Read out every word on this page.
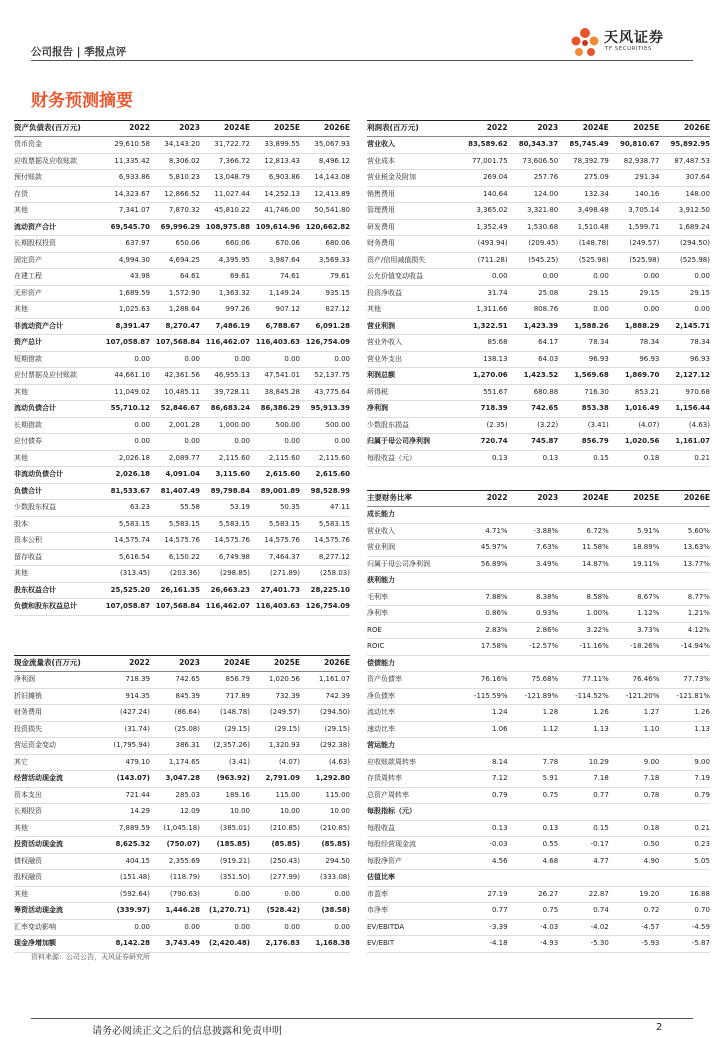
公司报告 | 季报点评
天风证券
TF SECURITIES
财务预测摘要
资产负债表(百万元)	2022	2023	2024E	2025E	2026E
货币资金	29,610.58	34,143.20	31,722.72	33,899.55	35,067.93
应收票据及应收账款	11,335.42	8,306.02	7,366.72	12,813.43	8,496.12
预付账款	6,933.86	5,810.23	13,048.79	6,903.86	14,143.08
存货	14,323.67	12,866.52	11,027.44	14,252.13	12,413.89
其他	7,341.07	7,870.32	45,810.22	41,746.00	50,541.80
流动资产合计	69,545.70	69,996.29 108,975.88 109,614.96 120,662.82
长期股权投资	637.97	650.06	660.06	670.06	680.06
固定资产	4,994.30	4,694.25	4,395.95	3,987.64	3,569.33
在建工程	43.98	64.61	69.61	74.61	79.61
无形资产	1,689.59	1,572.90	1,363.32	1,149.24	935.15
其他	1,025.63	1,288.64	997.26	907.12	827.12
非流动资产合计	8,391.47	8,270.47	7,486.19	6,788.67	6,091.28
资产总计	107,058.87 107,568.84 116,462.07 116,403.63 126,754.09
短期借款	0.00	0.00	0.00	0.00	0.00
应付票据及应付账款	44,661.10	42,361.56	46,955.13	47,541.01	52,137.75
其他	11,049.02	10,485.11	39,728.11	38,845.28	43,775.64
流动负债合计	55,710.12	52,846.67	86,683.24	86,386.29	95,913.39
长期借款	0.00	2,001.28	1,000.00	500.00	500.00
应付债券	0.00	0.00	0.00	0.00	0.00
其他	2,026.18	2,089.77	2,115.60	2,115.60	2,115.60
非流动负债合计	2,026.18	4,091.04	3,115.60	2,615.60	2,615.60
负债合计	81,533.67	81,407.49	89,798.84	89,001.89	98,528.99
少数股东权益	63.23	55.58	53.19	50.35	47.11
股本	5,583.15	5,583.15	5,583.15	5,583.15	5,583.15
资本公积	14,575.74	14,575.76	14,575.76	14,575.76	14,575.76
留存收益	5,616.54	6,150.22	6,749.98	7,464.37	8,277.12
其他	(313.45)	(203.36)	(298.85)	(271.89)	(258.03)
股东权益合计	25,525.20	26,161.35	26,663.23	27,401.73	28,225.10
负债和股东权益总计	107,058.87 107,568.84 116,462.07 116,403.63 126,754.09
利润表(百万元)	2022	2023	2024E	2025E	2026E
营业收入	83,589.62	80,343.37	85,745.49	90,810.67	95,892.95
营业成本	77,001.75	73,606.50	78,392.79	82,938.77	87,487.53
营业税金及附加	269.04	257.76	275.09	291.34	307.64
销售费用	140.64	124.00	132.34	140.16	148.00
管理费用	3,365.02	3,321.80	3,498.48	3,705.14	3,912.50
研发费用	1,352.49	1,530.68	1,510.48	1,599.71	1,689.24
财务费用	(493.94)	(209.45)	(148.78)	(249.57)	(294.50)
资产/信用减值损失	(711.28)	(545.25)	(525.98)	(525.98)	(525.98)
公允价值变动收益	0.00	0.00	0.00	0.00	0.00
投资净收益	31.74	25.08	29.15	29.15	29.15
其他	1,311.66	808.76	0.00	0.00	0.00
营业利润	1,322.51	1,423.39	1,588.26	1,888.29	2,145.71
营业外收入	85.68	64.17	78.34	78.34	78.34
营业外支出	138.13	64.03	96.93	96.93	96.93
利润总额	1,270.06	1,423.52	1,569.68	1,869.70	2,127.12
所得税	551.67	680.88	716.30	853.21	970.68
净利润	718.39	742.65	853.38	1,016.49	1,156.44
少数股东损益	(2.35)	(3.22)	(3.41)	(4.07)	(4.63)
归属于母公司净利润	720.74	745.87	856.79	1,020.56	1,161.07
每股收益（元）	0.13	0.13	0.15	0.18	0.21
现金流量表(百万元)	2022	2023	2024E	2025E	2026E
净利润	718.39	742.65	856.79	1,020.56	1,161.07
折旧摊销	914.35	845.39	717.89	732.39	742.39
财务费用	(427.24)	(86.64)	(148.78)	(249.57)	(294.50)
投资损失	(31.74)	(25.08)	(29.15)	(29.15)	(29.15)
营运资金变动	(1,795.94)	386.31	(2,357.26)	1,320.93	(292.38)
其它	479.10	1,174.65	(3.41)	(4.07)	(4.63)
经营活动现金流	(143.07)	3,047.28	(963.92)	2,791.09	1,292.80
资本支出	721.44	285.03	189.16	115.00	115.00
长期投资	14.29	12.09	10.00	10.00	10.00
其他	7,889.59	(1,045.18)	(385.01)	(210.85)	(210.85)
投资活动现金流	8,625.32	(750.07)	(185.85)	(85.85)	(85.85)
债权融资	404.15	2,355.69	(919.21)	(250.43)	294.50
股权融资	(151.48)	(118.79)	(351.50)	(277.99)	(333.08)
其他	(592.64)	(790.63)	0.00	0.00	0.00
筹资活动现金流	(339.97)	1,446.28	(1,270.71)	(528.42)	(38.58)
汇率变动影响	0.00	0.00	0.00	0.00	0.00
现金净增加额	8,142.28	3,743.49	(2,420.48)	2,176.83	1,168.38
主要财务比率	2022	2023	2024E	2025E	2026E
成长能力
营业收入	4.71%	-3.88%	6.72%	5.91%	5.60%
营业利润	45.97%	7.63%	11.58%	18.89%	13.63%
归属于母公司净利润	56.89%	3.49%	14.87%	19.11%	13.77%
获利能力
毛利率	7.88%	8.38%	8.58%	8.67%	8.77%
净利率	0.86%	0.93%	1.00%	1.12%	1.21%
ROE	2.83%	2.86%	3.22%	3.73%	4.12%
ROIC	17.58%	-12.57%	-11.16%	-18.26%	-14.94%
偿债能力
资产负债率	76.16%	75.68%	77.11%	76.46%	77.73%
净负债率	-115.59%	-121.89%	-114.52%	-121.20%	-121.81%
流动比率	1.24	1.28	1.26	1.27	1.26
速动比率	1.06	1.12	1.13	1.10	1.13
营运能力
应收账款周转率	8.14	7.78	10.29	9.00	9.00
存货周转率	7.12	5.91	7.18	7.18	7.19
总资产周转率	0.79	0.75	0.77	0.78	0.79
每股指标（元）
每股收益	0.13	0.13	0.15	0.18	0.21
每股经营现金流	-0.03	0.55	-0.17	0.50	0.23
每股净资产	4.56	4.68	4.77	4.90	5.05
估值比率
市盈率	27.19	26.27	22.87	19.20	16.88
市净率	0.77	0.75	0.74	0.72	0.70
EV/EBITDA	-3.39	-4.03	-4.02	-4.57	-4.59
EV/EBIT	-4.18	-4.93	-5.30	-5.93	-5.87
资料来源：公司公告，天风证券研究所
请务必阅读正文之后的信息披露和免责申明	2
